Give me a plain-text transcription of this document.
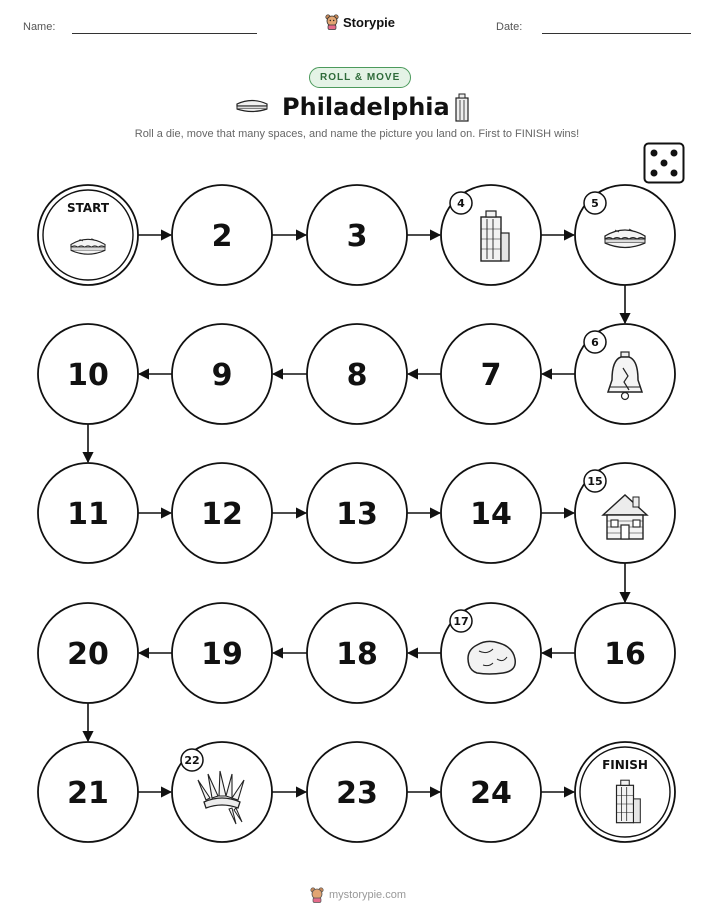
Name:	Storypie	Date:
ROLL & MOVE
Philadelphia
Roll a die, move that many spaces, and name the picture you land on. First to FINISH wins!
START
2	3
4	5
6
7
8
9
10
11	12	13	14
15
16
17
18
19
20
21
22
23	24
FINISH
mystorypie.com
